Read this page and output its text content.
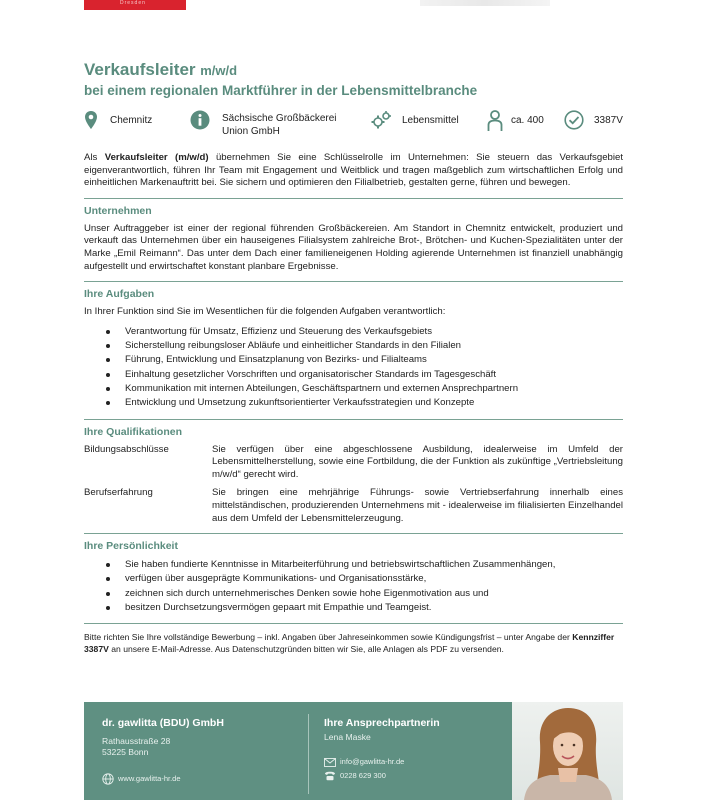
Dresden
Verkaufsleiter m/w/d
bei einem regionalen Marktführer in der Lebensmittelbranche
Chemnitz	Sächsische Großbäckerei
Union GmbH
Lebensmittel	ca. 400	3387V

Als Verkaufsleiter (m/w/d) übernehmen Sie eine Schlüsselrolle im Unternehmen: Sie steuern das Verkaufsgebiet eigenverantwortlich, führen Ihr Team mit Engagement und Weitblick und tragen maßgeblich zum wirtschaftlichen Erfolg und einheitlichen Markenauftritt bei. Sie sichern und optimieren den Filialbetrieb, gestalten gerne, führen und bewegen.

Unternehmen

Unser Auftraggeber ist einer der regional führenden Großbäckereien. Am Standort in Chemnitz entwickelt, produziert und verkauft das Unternehmen über ein hauseigenes Filialsystem zahlreiche Brot-, Brötchen- und Kuchen-Spezialitäten unter der Marke „Emil Reimann“. Das unter dem Dach einer familieneigenen Holding agierende Unternehmen ist finanziell unabhängig aufgestellt und erwirtschaftet konstant planbare Ergebnisse.

Ihre Aufgaben

In Ihrer Funktion sind Sie im Wesentlichen für die folgenden Aufgaben verantwortlich:

Verantwortung für Umsatz, Effizienz und Steuerung des Verkaufsgebiets
Sicherstellung reibungsloser Abläufe und einheitlicher Standards in den Filialen
Führung, Entwicklung und Einsatzplanung von Bezirks- und Filialteams
Einhaltung gesetzlicher Vorschriften und organisatorischer Standards im Tagesgeschäft
Kommunikation mit internen Abteilungen, Geschäftspartnern und externen Ansprechpartnern
Entwicklung und Umsetzung zukunftsorientierter Verkaufsstrategien und Konzepte
Ihre Qualifikationen
Bildungsabschlüsse	Sie verfügen über eine abgeschlossene Ausbildung, idealerweise im Umfeld der Lebensmittelherstellung, sowie eine Fortbildung, die der Funktion als zukünftige „Vertriebsleitung m/w/d“ gerecht wird.
Berufserfahrung	Sie bringen eine mehrjährige Führungs- sowie Vertriebserfahrung innerhalb eines mittelständischen, produzierenden Unternehmens mit - idealerweise im filialisierten Einzelhandel aus dem Umfeld der Lebensmittelerzeugung.
Ihre Persönlichkeit
Sie haben fundierte Kenntnisse in Mitarbeiterführung und betriebswirtschaftlichen Zusammenhängen,
verfügen über ausgeprägte Kommunikations- und Organisationsstärke,
zeichnen sich durch unternehmerisches Denken sowie hohe Eigenmotivation aus und
besitzen Durchsetzungsvermögen gepaart mit Empathie und Teamgeist.

Bitte richten Sie Ihre vollständige Bewerbung – inkl. Angaben über Jahreseinkommen sowie Kündigungsfrist – unter Angabe der Kennziffer 3387V an unsere E-Mail-Adresse. Aus Datenschutzgründen bitten wir Sie, alle Anlagen als PDF zu versenden.

dr. gawlitta (BDU) GmbH
Rathausstraße 28
53225 Bonn
www.gawlitta-hr.de
Ihre Ansprechpartnerin
Lena Maske
info@gawlitta-hr.de
0228 629 300
